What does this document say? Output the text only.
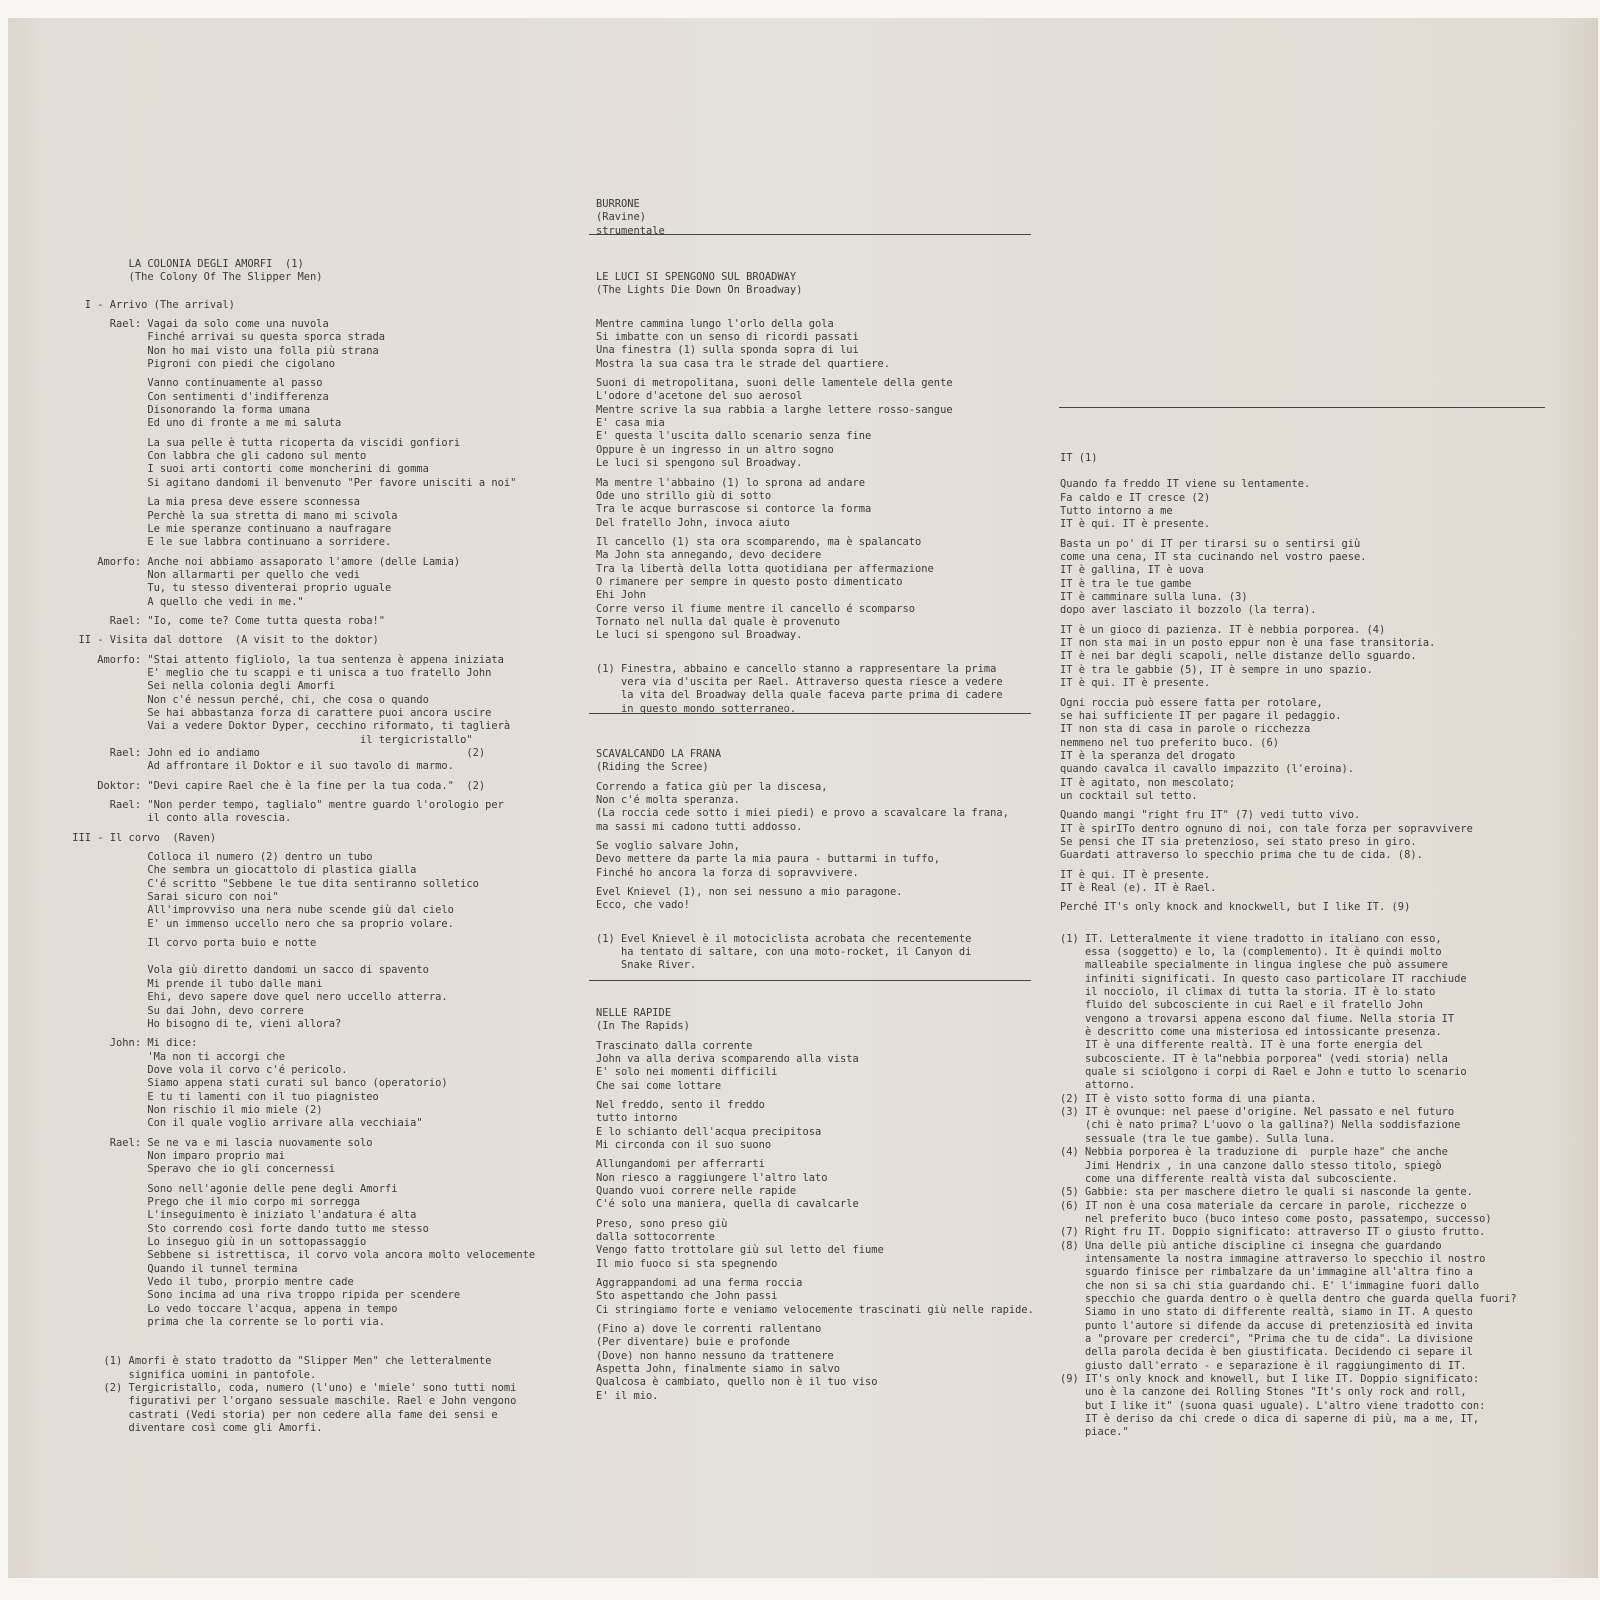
LA COLONIA DEGLI AMORFI  (1)
(The Colony Of The Slipper Men)
I - Arrivo (The arrival)
Rael: Vagai da solo come una nuvola
Finché arrivai su questa sporca strada
Non ho mai visto una folla più strana
Pigroni con piedi che cigolano
Vanno continuamente al passo
Con sentimenti d'indifferenza
Disonorando la forma umana
Ed uno di fronte a me mi saluta
La sua pelle è tutta ricoperta da viscidi gonfiori
Con labbra che gli cadono sul mento
I suoi arti contorti come moncherini di gomma
Si agitano dandomi il benvenuto "Per favore unisciti a noi"
La mia presa deve essere sconnessa
Perchè la sua stretta di mano mi scivola
Le mie speranze continuano a naufragare
E le sue labbra continuano a sorridere.
Amorfo: Anche noi abbiamo assaporato l'amore (delle Lamia)
Non allarmarti per quello che vedi
Tu, tu stesso diventerai proprio uguale
A quello che vedi in me."
Rael: "Io, come te? Come tutta questa roba!"
II - Visita dal dottore  (A visit to the doktor)
Amorfo: "Stai attento figliolo, la tua sentenza è appena iniziata
E' meglio che tu scappi e ti unisca a tuo fratello John
Sei nella colonia degli Amorfi
Non c'é nessun perché, chi, che cosa o quando
Se hai abbastanza forza di carattere puoi ancora uscire
Vai a vedere Doktor Dyper, cecchino riformato, ti taglierà
il tergicristallo"
Rael: John ed io andiamo                                 (2)
Ad affrontare il Doktor e il suo tavolo di marmo.
Doktor: "Devi capire Rael che è la fine per la tua coda."  (2)
Rael: "Non perder tempo, taglialo" mentre guardo l'orologio per
il conto alla rovescia.
III - Il corvo  (Raven)
Colloca il numero (2) dentro un tubo
Che sembra un giocattolo di plastica gialla
C'é scritto "Sebbene le tue dita sentiranno solletico
Sarai sicuro con noi"
All'improvviso una nera nube scende giù dal cielo
E' un immenso uccello nero che sa proprio volare.
Il corvo porta buio e notte
Vola giù diretto dandomi un sacco di spavento
Mi prende il tubo dalle mani
Ehi, devo sapere dove quel nero uccello atterra.
Su dai John, devo correre
Ho bisogno di te, vieni allora?
John: Mi dice:
'Ma non ti accorgi che
Dove vola il corvo c'é pericolo.
Siamo appena stati curati sul banco (operatorio)
E tu ti lamenti con il tuo piagnisteo
Non rischio il mio miele (2)
Con il quale voglio arrivare alla vecchiaia"
Rael: Se ne va e mi lascia nuovamente solo
Non imparo proprio mai
Speravo che io gli concernessi
Sono nell'agonie delle pene degli Amorfi
Prego che il mio corpo mi sorregga
L'inseguimento è iniziato l'andatura é alta
Sto correndo così forte dando tutto me stesso
Lo inseguo giù in un sottopassaggio
Sebbene si istrettisca, il corvo vola ancora molto velocemente
Quando il tunnel termina
Vedo il tubo, prorpio mentre cade
Sono incima ad una riva troppo ripida per scendere
Lo vedo toccare l'acqua, appena in tempo
prima che la corrente se lo porti via.
(1) Amorfi è stato tradotto da "Slipper Men" che letteralmente
significa uomini in pantofole.
(2) Tergicristallo, coda, numero (l'uno) e 'miele' sono tutti nomi
figurativi per l'organo sessuale maschile. Rael e John vengono
castrati (Vedi storia) per non cedere alla fame dei sensi e
diventare così come gli Amorfi.
BURRONE
(Ravine)
strumentale
LE LUCI SI SPENGONO SUL BROADWAY
(The Lights Die Down On Broadway)
Mentre cammina lungo l'orlo della gola
Si imbatte con un senso di ricordi passati
Una finestra (1) sulla sponda sopra di lui
Mostra la sua casa tra le strade del quartiere.
Suoni di metropolitana, suoni delle lamentele della gente
L'odore d'acetone del suo aerosol
Mentre scrive la sua rabbia a larghe lettere rosso-sangue
E' casa mia
E' questa l'uscita dallo scenario senza fine
Oppure è un ingresso in un altro sogno
Le luci si spengono sul Broadway.
Ma mentre l'abbaino (1) lo sprona ad andare
Ode uno strillo giù di sotto
Tra le acque burrascose si contorce la forma
Del fratello John, invoca aiuto
Il cancello (1) sta ora scomparendo, ma è spalancato
Ma John sta annegando, devo decidere
Tra la libertà della lotta quotidiana per affermazione
O rimanere per sempre in questo posto dimenticato
Ehi John
Corre verso il fiume mentre il cancello é scomparso
Tornato nel nulla dal quale è provenuto
Le luci si spengono sul Broadway.
(1) Finestra, abbaino e cancello stanno a rappresentare la prima
vera via d'uscita per Rael. Attraverso questa riesce a vedere
la vita del Broadway della quale faceva parte prima di cadere
in questo mondo sotterraneo.
SCAVALCANDO LA FRANA
(Riding the Scree)
Correndo a fatica giù per la discesa,
Non c'é molta speranza.
(La roccia cede sotto i miei piedi) e provo a scavalcare la frana,
ma sassi mi cadono tutti addosso.
Se voglio salvare John,
Devo mettere da parte la mia paura - buttarmi in tuffo,
Finché ho ancora la forza di sopravvivere.
Evel Knievel (1), non sei nessuno a mio paragone.
Ecco, che vado!
(1) Evel Knievel è il motociclista acrobata che recentemente
ha tentato di saltare, con una moto-rocket, il Canyon di
Snake River.
NELLE RAPIDE
(In The Rapids)
Trascinato dalla corrente
John va alla deriva scomparendo alla vista
E' solo nei momenti difficili
Che sai come lottare
Nel freddo, sento il freddo
tutto intorno
E lo schianto dell'acqua precipitosa
Mi circonda con il suo suono
Allungandomi per afferrarti
Non riesco a raggiungere l'altro lato
Quando vuoi correre nelle rapide
C'é solo una maniera, quella di cavalcarle
Preso, sono preso giù
dalla sottocorrente
Vengo fatto trottolare giù sul letto del fiume
Il mio fuoco si sta spegnendo
Aggrappandomi ad una ferma roccia
Sto aspettando che John passi
Ci stringiamo forte e veniamo velocemente trascinati giù nelle rapide.
(Fino a) dove le correnti rallentano
(Per diventare) buie e profonde
(Dove) non hanno nessuno da trattenere
Aspetta John, finalmente siamo in salvo
Qualcosa è cambiato, quello non è il tuo viso
E' il mio.
IT (1)
Quando fa freddo IT viene su lentamente.
Fa caldo e IT cresce (2)
Tutto intorno a me
IT è qui. IT è presente.
Basta un po' di IT per tirarsi su o sentirsi giù
come una cena, IT sta cucinando nel vostro paese.
IT è gallina, IT è uova
IT è tra le tue gambe
IT è camminare sulla luna. (3)
dopo aver lasciato il bozzolo (la terra).
IT è un gioco di pazienza. IT è nebbia porporea. (4)
IT non sta mai in un posto eppur non è una fase transitoria.
IT è nei bar degli scapoli, nelle distanze dello sguardo.
IT è tra le gabbie (5), IT è sempre in uno spazio.
IT è qui. IT è presente.
Ogni roccia può essere fatta per rotolare,
se hai sufficiente IT per pagare il pedaggio.
IT non sta di casa in parole o ricchezza
nemmeno nel tuo preferito buco. (6)
IT è la speranza del drogato
quando cavalca il cavallo impazzito (l'eroina).
IT è agitato, non mescolato;
un cocktail sul tetto.
Quando mangi "right fru IT" (7) vedi tutto vivo.
IT è spirITo dentro ognuno di noi, con tale forza per sopravvivere
Se pensi che IT sia pretenzioso, sei stato preso in giro.
Guardati attraverso lo specchio prima che tu de cida. (8).
IT è qui. IT è presente.
IT è Real (e). IT è Rael.
Perché IT's only knock and knockwell, but I like IT. (9)
(1) IT. Letteralmente it viene tradotto in italiano con esso,
essa (soggetto) e lo, la (complemento). It è quindi molto
malleabile specialmente in lingua inglese che può assumere
infiniti significati. In questo caso particolare IT racchiude
il nocciolo, il climax di tutta la storia. IT è lo stato
fluido del subcosciente in cui Rael e il fratello John
vengono a trovarsi appena escono dal fiume. Nella storia IT
è descritto come una misteriosa ed intossicante presenza.
IT è una differente realtà. IT è una forte energia del
subcosciente. IT è la"nebbia porporea" (vedi storia) nella
quale si sciolgono i corpi di Rael e John e tutto lo scenario
attorno.
(2) IT è visto sotto forma di una pianta.
(3) IT è ovunque: nel paese d'origine. Nel passato e nel futuro
(chi è nato prima? L'uovo o la gallina?) Nella soddisfazione
sessuale (tra le tue gambe). Sulla luna.
(4) Nebbia porporea è la traduzione di  purple haze" che anche
Jimi Hendrix , in una canzone dallo stesso titolo, spiegò
come una differente realtà vista dal subcosciente.
(5) Gabbie: sta per maschere dietro le quali si nasconde la gente.
(6) IT non è una cosa materiale da cercare in parole, ricchezze o
nel preferito buco (buco inteso come posto, passatempo, successo)
(7) Right fru IT. Doppio significato: attraverso IT o giusto frutto.
(8) Una delle più antiche discipline ci insegna che guardando
intensamente la nostra immagine attraverso lo specchio il nostro
sguardo finisce per rimbalzare da un'immagine all'altra fino a
che non si sa chi stia guardando chi. E' l'immagine fuori dallo
specchio che guarda dentro o è quella dentro che guarda quella fuori?
Siamo in uno stato di differente realtà, siamo in IT. A questo
punto l'autore si difende da accuse di pretenziosità ed invita
a "provare per crederci", "Prima che tu de cida". La divisione
della parola decida è ben giustificata. Decidendo ci separe il
giusto dall'errato - e separazione è il raggiungimento di IT.
(9) IT's only knock and knowell, but I like IT. Doppio significato:
uno è la canzone dei Rolling Stones "It's only rock and roll,
but I like it" (suona quasi uguale). L'altro viene tradotto con:
IT è deriso da chi crede o dica di saperne di più, ma a me, IT,
piace."
